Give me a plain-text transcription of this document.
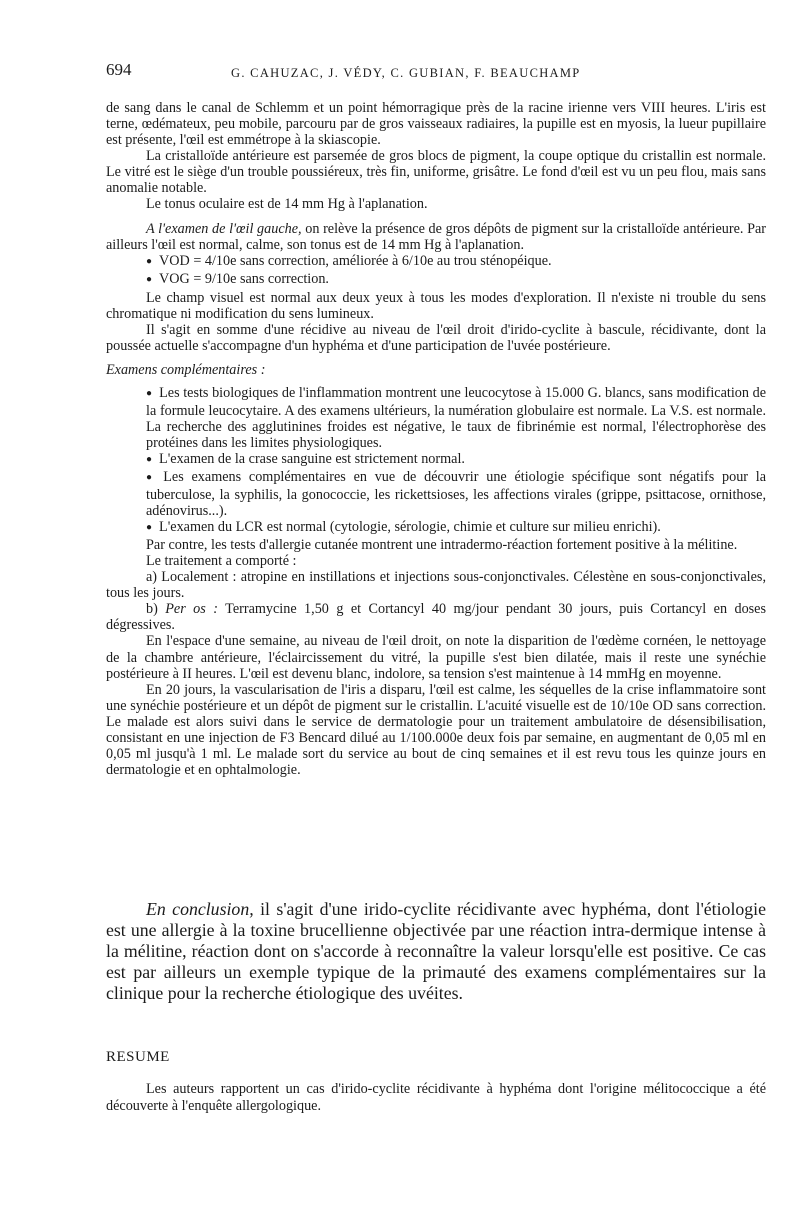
694	G. CAHUZAC, J. VÉDY, C. GUBIAN, F. BEAUCHAMP

de sang dans le canal de Schlemm et un point hémorragique près de la racine irienne vers VIII heures. L'iris est terne, œdémateux, peu mobile, parcouru par de gros vaisseaux radiaires, la pupille est en myosis, la lueur pupillaire est présente, l'œil est emmétrope à la skiascopie.

La cristalloïde antérieure est parsemée de gros blocs de pigment, la coupe optique du cristallin est normale. Le vitré est le siège d'un trouble poussiéreux, très fin, uniforme, grisâtre. Le fond d'œil est vu un peu flou, mais sans anomalie notable.

Le tonus oculaire est de 14 mm Hg à l'aplanation.

A l'examen de l'œil gauche, on relève la présence de gros dépôts de pigment sur la cristalloïde antérieure. Par ailleurs l'œil est normal, calme, son tonus est de 14 mm Hg à l'aplanation.

● VOD = 4/10e sans correction, améliorée à 6/10e au trou sténopéique.

● VOG = 9/10e sans correction.

Le champ visuel est normal aux deux yeux à tous les modes d'exploration. Il n'existe ni trouble du sens chromatique ni modification du sens lumineux.

Il s'agit en somme d'une récidive au niveau de l'œil droit d'irido-cyclite à bascule, récidivante, dont la poussée actuelle s'accompagne d'un hyphéma et d'une participation de l'uvée postérieure.

Examens complémentaires :

● Les tests biologiques de l'inflammation montrent une leucocytose à 15.000 G. blancs, sans modification de la formule leucocytaire. A des examens ultérieurs, la numération globulaire est normale. La V.S. est normale. La recherche des agglutinines froides est négative, le taux de fibrinémie est normal, l'électrophorèse des protéines dans les limites physiologiques.

● L'examen de la crase sanguine est strictement normal.

● Les examens complémentaires en vue de découvrir une étiologie spécifique sont négatifs pour la tuberculose, la syphilis, la gonococcie, les rickettsioses, les affections virales (grippe, psittacose, ornithose, adénovirus...).

● L'examen du LCR est normal (cytologie, sérologie, chimie et culture sur milieu enrichi).

Par contre, les tests d'allergie cutanée montrent une intradermo-réaction fortement positive à la mélitine.

Le traitement a comporté :

a) Localement : atropine en instillations et injections sous-conjonctivales. Célestène en sous-conjonctivales, tous les jours.

b) Per os : Terramycine 1,50 g et Cortancyl 40 mg/jour pendant 30 jours, puis Cortancyl en doses dégressives.

En l'espace d'une semaine, au niveau de l'œil droit, on note la disparition de l'œdème cornéen, le nettoyage de la chambre antérieure, l'éclaircissement du vitré, la pupille s'est bien dilatée, mais il reste une synéchie postérieure à II heures. L'œil est devenu blanc, indolore, sa tension s'est maintenue à 14 mmHg en moyenne.

En 20 jours, la vascularisation de l'iris a disparu, l'œil est calme, les séquelles de la crise inflammatoire sont une synéchie postérieure et un dépôt de pigment sur le cristallin. L'acuité visuelle est de 10/10e OD sans correction. Le malade est alors suivi dans le service de dermatologie pour un traitement ambulatoire de désensibilisation, consistant en une injection de F3 Bencard dilué au 1/100.000e deux fois par semaine, en augmentant de 0,05 ml en 0,05 ml jusqu'à 1 ml. Le malade sort du service au bout de cinq semaines et il est revu tous les quinze jours en dermatologie et en ophtalmologie.

En conclusion, il s'agit d'une irido-cyclite récidivante avec hyphéma, dont l'étiologie est une allergie à la toxine brucellienne objectivée par une réaction intra-dermique intense à la mélitine, réaction dont on s'accorde à reconnaître la valeur lorsqu'elle est positive. Ce cas est par ailleurs un exemple typique de la primauté des examens complémentaires sur la clinique pour la recherche étiologique des uvéites.

RESUME

Les auteurs rapportent un cas d'irido-cyclite récidivante à hyphéma dont l'origine mélitococcique a été découverte à l'enquête allergologique.
